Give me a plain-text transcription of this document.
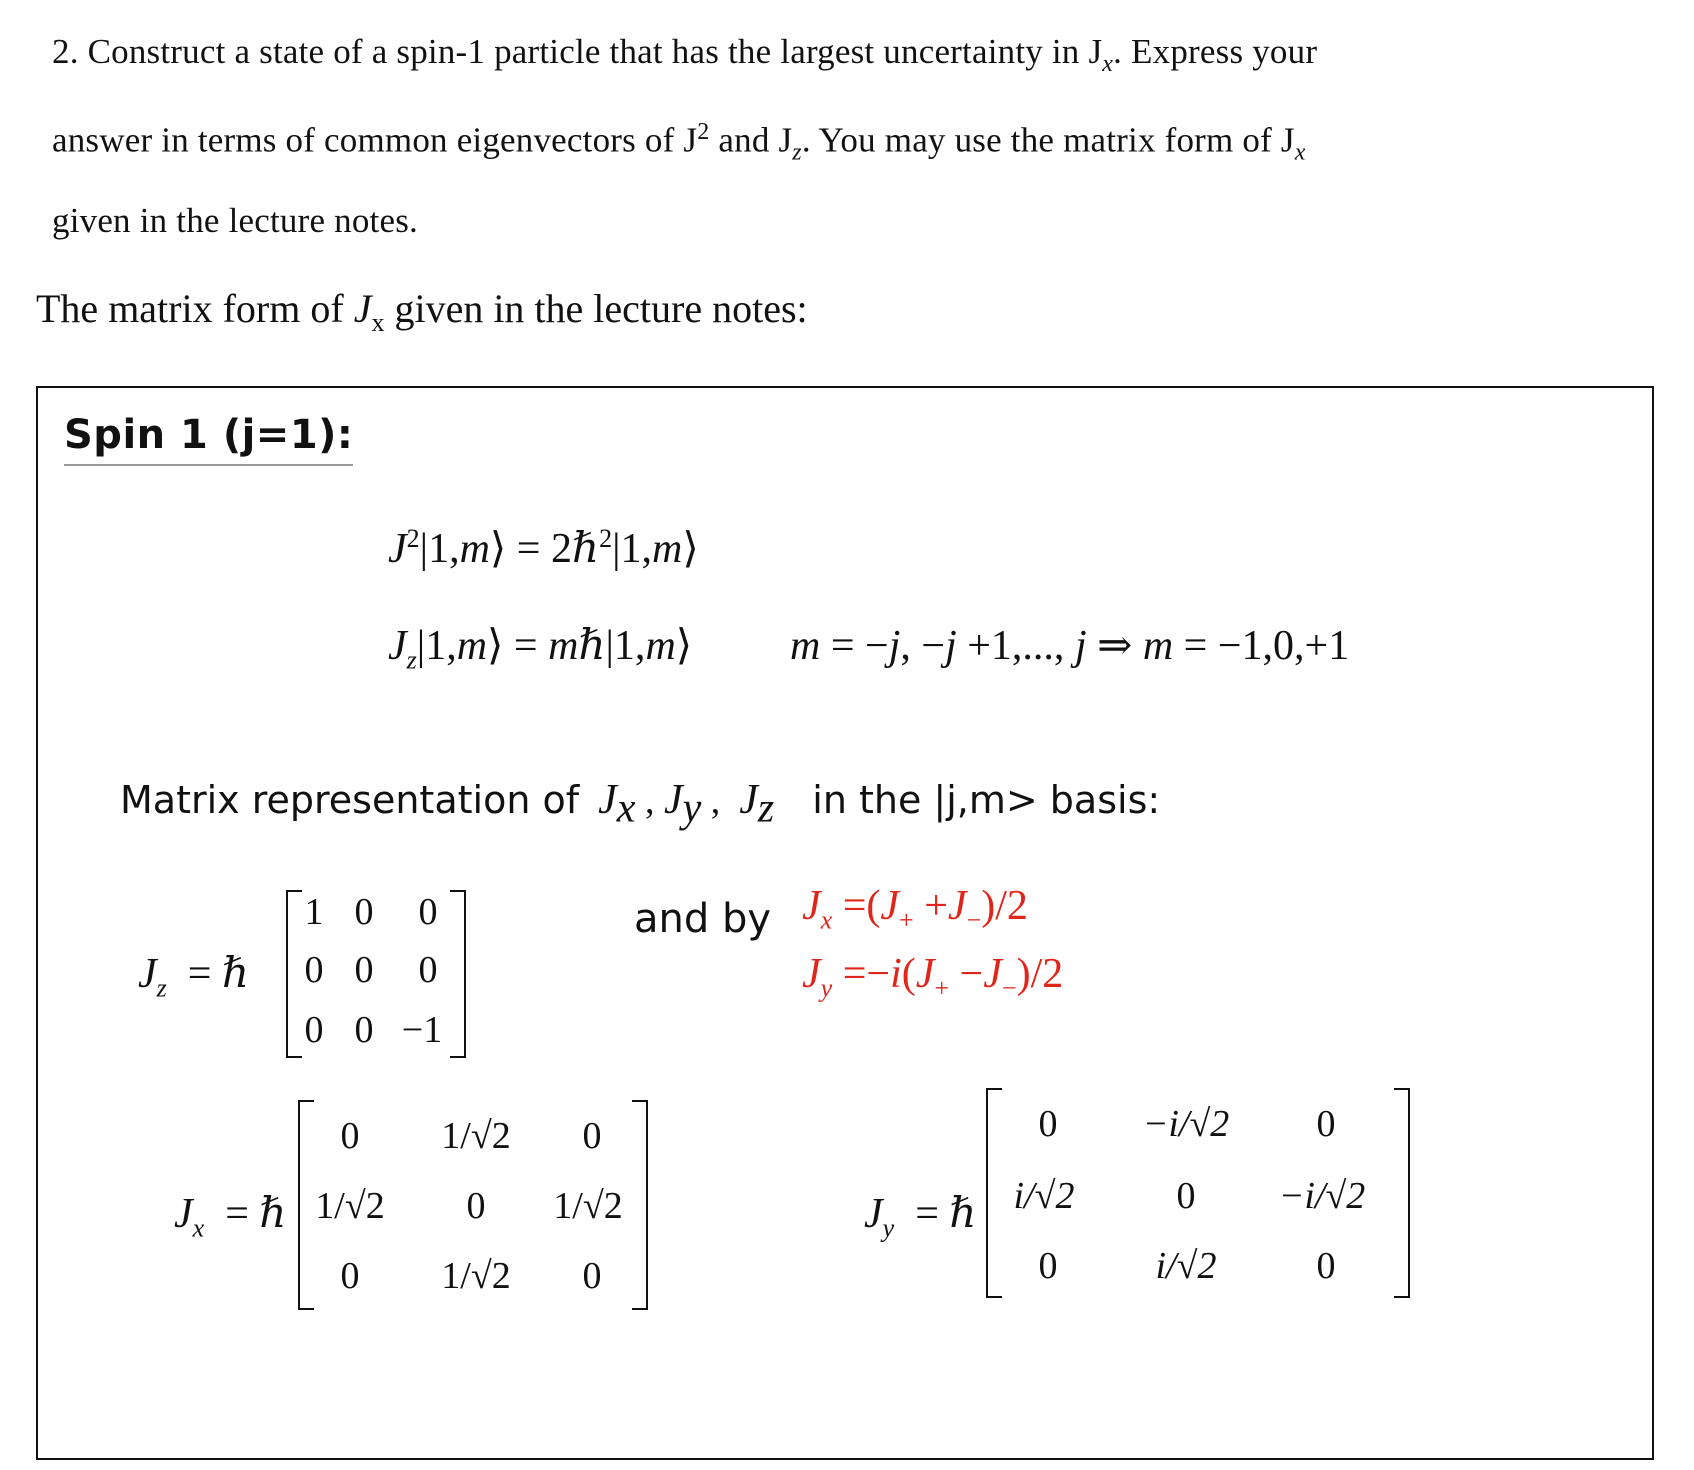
2. Construct a state of a spin-1 particle that has the largest uncertainty in $J_x$. Express your
answer in terms of common eigenvectors of $J^2$ and $J_z$. You may use the matrix form of $J_x$
given in the lecture notes.
The matrix form of $J_x$ given in the lecture notes:
Spin 1 (j=1):
$J^2|1,m⟩$ = 2ℏ$^2$|1,m⟩
$J_z|1,m⟩$ = mℏ|1,m⟩ m = −j, −j +1,..., j ⇒ m = −1,0,+1
Matrix representation of $J_x$ , $J_y$ ,  $J_z$ in the |j,m> basis:
$J_z$  = ℏ
1 0	0
0 0	0
0 0 −1
and by $J_x =(J_+ +J_-)/2$
$J_y =-i(J_+ -J_-)/2$
$J_x$  = ℏ
0	1/√2	0
1/√2	0	1/√2
0	1/√2	0
$J_y$  = ℏ
0	−i/√2	0
i/√2	0	−i/√2
0	i/√2	0
